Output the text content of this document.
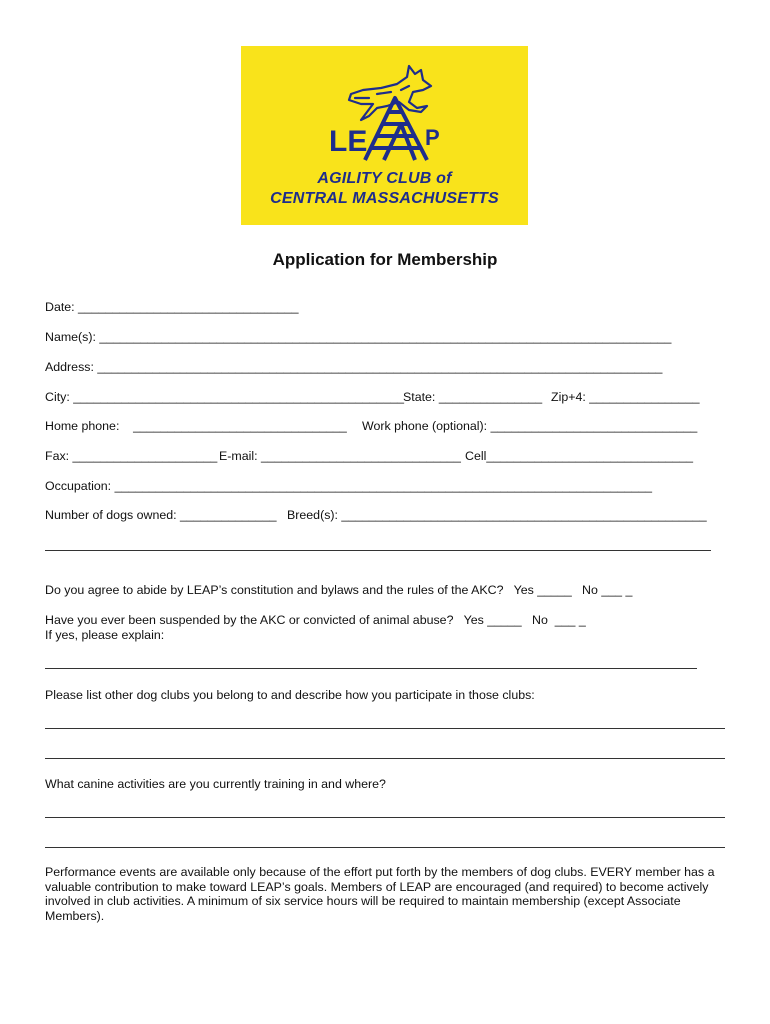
LE	P
AGILITY CLUB of
CENTRAL MASSACHUSETTS
Application for Membership
Date: ________________________________
Name(s): ___________________________________________________________________________________
Address: __________________________________________________________________________________
City: ________________________________________________ State: _______________ Zip+4: ________________
Home phone:    _______________________________ Work phone (optional): ______________________________
Fax: _____________________ E-mail: _____________________________ Cell______________________________
Occupation: ______________________________________________________________________________
Number of dogs owned: ______________ Breed(s): _____________________________________________________
Do you agree to abide by LEAP’s constitution and bylaws and the rules of the AKC?   Yes _____   No ___ _
Have you ever been suspended by the AKC or convicted of animal abuse?   Yes _____   No  ___ _
If yes, please explain:
Please list other dog clubs you belong to and describe how you participate in those clubs:
What canine activities are you currently training in and where?
Performance events are available only because of the effort put forth by the members of dog clubs. EVERY member has a valuable contribution to make toward LEAP’s goals. Members of LEAP are encouraged (and required) to become actively involved in club activities. A minimum of six service hours will be required to maintain membership (except Associate Members).
